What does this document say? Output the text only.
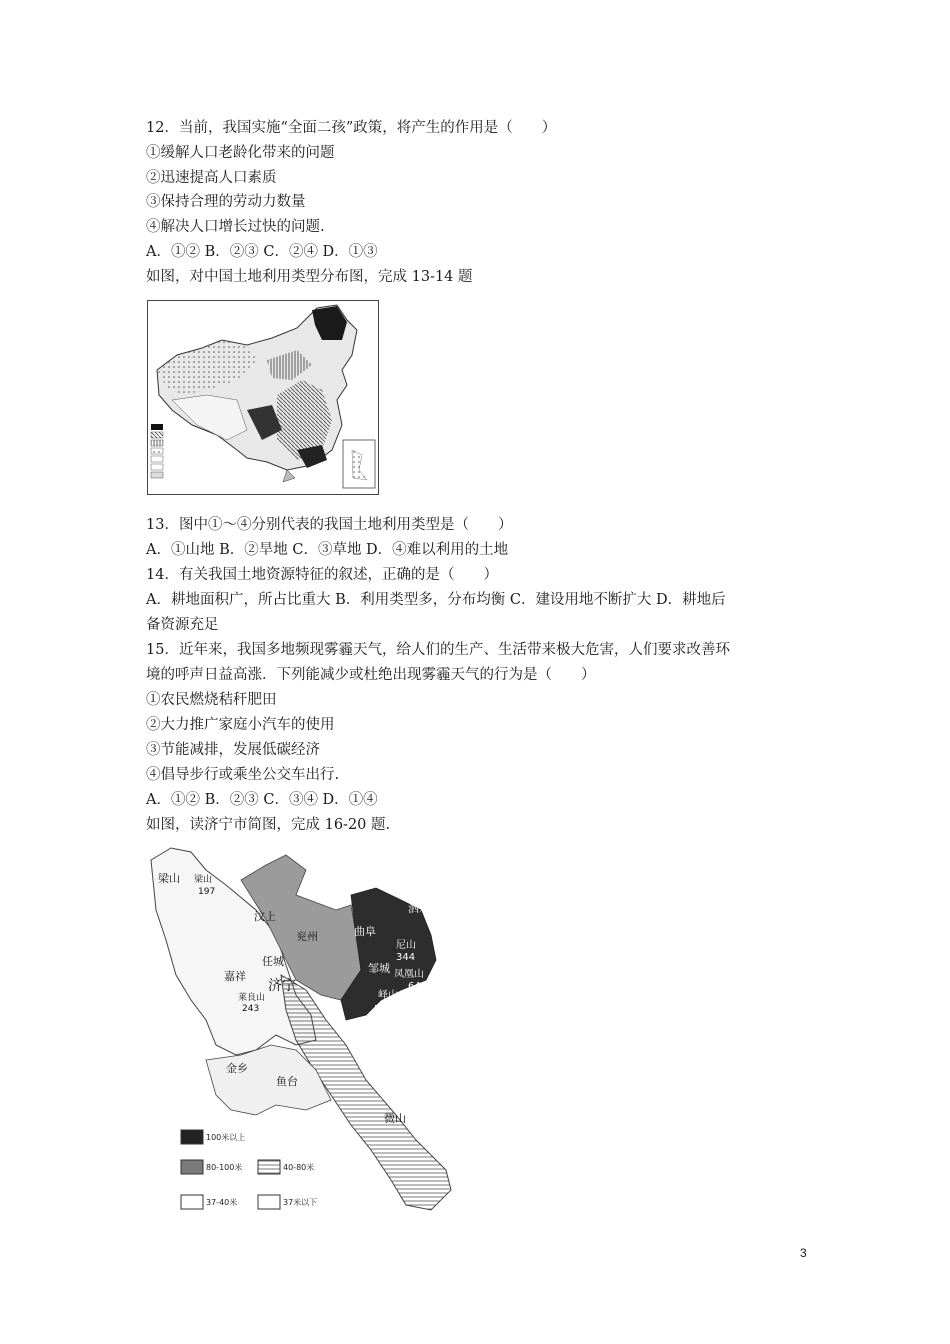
12．当前，我国实施“全面二孩”政策，将产生的作用是（　　）
①缓解人口老龄化带来的问题
②迅速提高人口素质
③保持合理的劳动力数量
④解决人口增长过快的问题.
A．①② B．②③ C．②④ D．①③
如图，对中国土地利用类型分布图，完成 13-14 题
13．图中①～④分别代表的我国土地利用类型是（　　）
A．①山地 B．②旱地 C．③草地 D．④难以利用的土地
14．有关我国土地资源特征的叙述，正确的是（　　）
A．耕地面积广，所占比重大 B．利用类型多，分布均衡 C．建设用地不断扩大 D．耕地后
备资源充足
15．近年来，我国多地频现雾霾天气，给人们的生产、生活带来极大危害，人们要求改善环
境的呼声日益高涨．下列能减少或杜绝出现雾霾天气的行为是（　　）
①农民燃烧秸秆肥田
②大力推广家庭小汽车的使用
③节能减排，发展低碳经济
④倡导步行或乘坐公交车出行.
A．①② B．②③ C．③④ D．①④
如图，读济宁市简图，完成 16-20 题.
梁山 梁山
197
汶上
兖州	曲阜
泗水
尼山
344
凤凰山
648
邹城
峄山
545
嘉祥
任城
济宁
莱良山
243
金乡
鱼台
微山
100米以上
80-100米	40-80米
37-40米	37米以下
3
